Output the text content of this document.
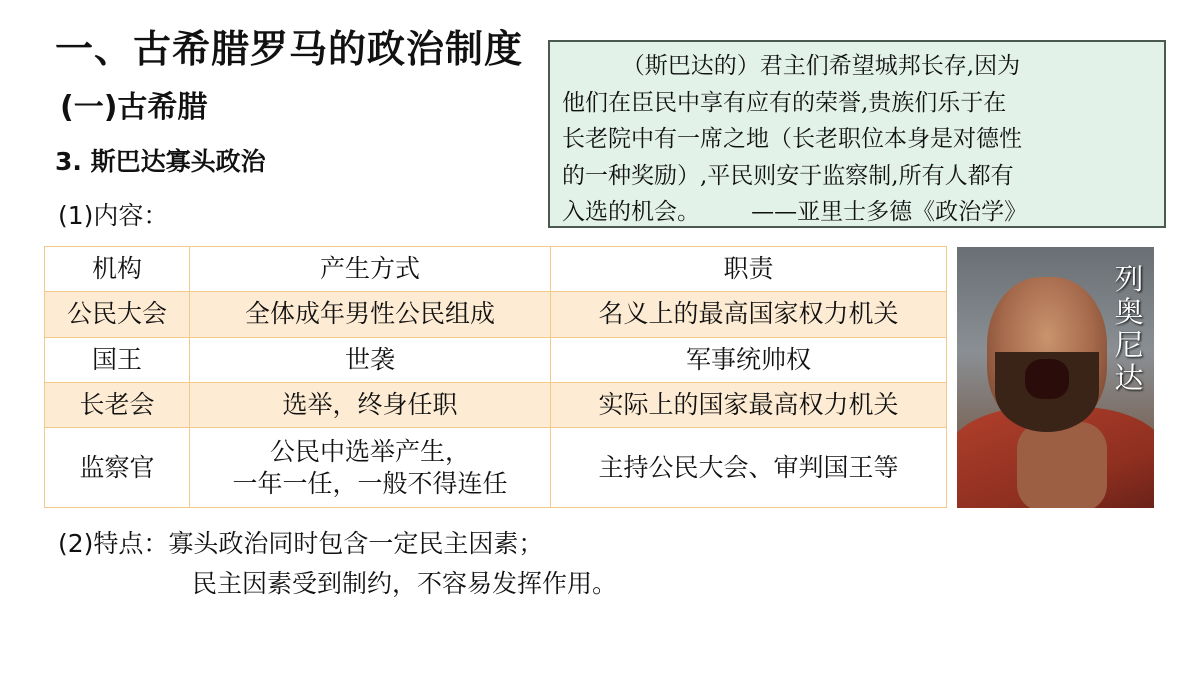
一、古希腊罗马的政治制度
(一)古希腊
3. 斯巴达寡头政治
(1)内容：

（斯巴达的）君主们希望城邦长存,因为

他们在臣民中享有应有的荣誉,贵族们乐于在
长老院中有一席之地（长老职位本身是对德性
的一种奖励）,平民则安于监察制,所有人都有
入选的机会。       ——亚里士多德《政治学》
机构	产生方式	职责
公民大会	全体成年男性公民组成	名义上的最高国家权力机关
国王	世袭	军事统帅权
长老会	选举，终身任职	实际上的国家最高权力机关
监察官	公民中选举产生，
一年一任，一般不得连任	主持公民大会、审判国王等
列奥尼达
(2)特点：寡头政治同时包含一定民主因素；
民主因素受到制约，不容易发挥作用。
